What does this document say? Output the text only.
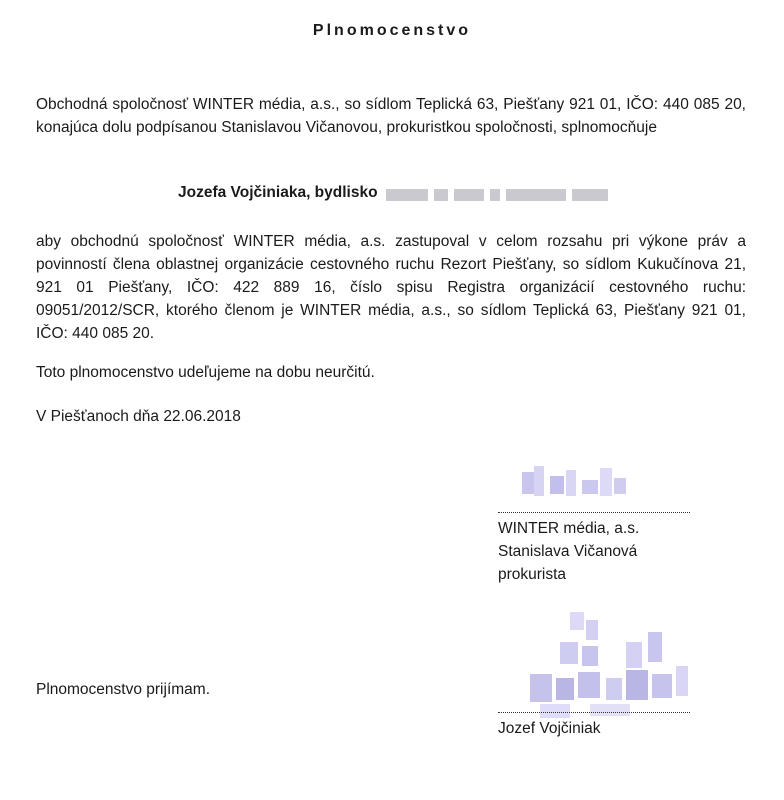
Plnomocenstvo
Obchodná spoločnosť WINTER média, a.s., so sídlom Teplická 63, Piešťany 921 01, IČO: 440 085 20, konajúca dolu podpísanou Stanislavou Vičanovou, prokuristkou spoločnosti, splnomocňuje
Jozefa Vojčiniaka, bydlisko
aby obchodnú spoločnosť WINTER média, a.s. zastupoval v celom rozsahu pri výkone práv a povinností člena oblastnej organizácie cestovného ruchu Rezort Piešťany, so sídlom Kukučínova 21, 921 01 Piešťany, IČO: 422 889 16, číslo spisu Registra organizácií cestovného ruchu: 09051/2012/SCR, ktorého členom je WINTER média, a.s., so sídlom Teplická 63, Piešťany 921 01, IČO: 440 085 20.
Toto plnomocenstvo udeľujeme na dobu neurčitú.
V Piešťanoch dňa 22.06.2018
WINTER média, a.s.
Stanislava Vičanová
prokurista
Plnomocenstvo prijímam.
Jozef Vojčiniak
